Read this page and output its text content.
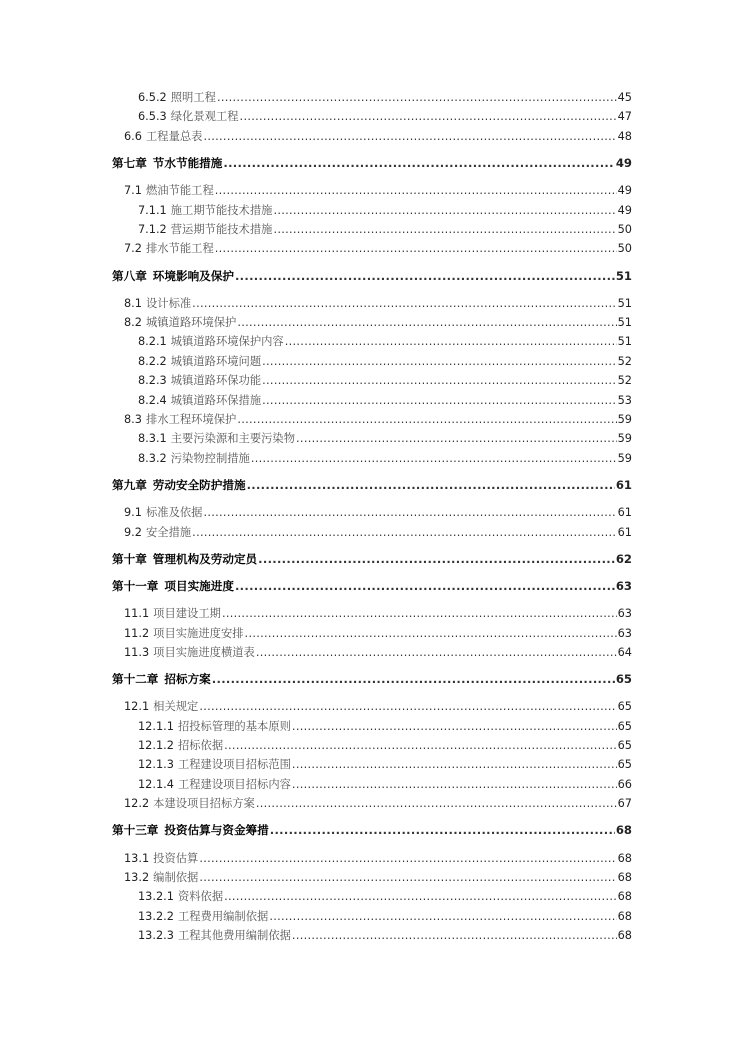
6.5.2 照明工程 .....	45
6.5.3 绿化景观工程 .....	47
6.6 工程量总表 .....	48
第七章 节水节能措施 .....	49
7.1 燃油节能工程 .....	49
7.1.1 施工期节能技术措施 .....	49
7.1.2 营运期节能技术措施 .....	50
7.2 排水节能工程 .....	50
第八章 环境影响及保护 .....	51
8.1 设计标准 .....	51
8.2 城镇道路环境保护 .....	51
8.2.1 城镇道路环境保护内容 .....	51
8.2.2 城镇道路环境问题 .....	52
8.2.3 城镇道路环保功能 .....	52
8.2.4 城镇道路环保措施 .....	53
8.3 排水工程环境保护 .....	59
8.3.1 主要污染源和主要污染物 .....	59
8.3.2 污染物控制措施 .....	59
第九章 劳动安全防护措施 .....	61
9.1 标准及依据 .....	61
9.2 安全措施 .....	61
第十章 管理机构及劳动定员 .....	62
第十一章 项目实施进度 .....	63
11.1 项目建设工期 .....	63
11.2 项目实施进度安排 .....	63
11.3 项目实施进度横道表 .....	64
第十二章 招标方案 .....	65
12.1 相关规定 .....	65
12.1.1 招投标管理的基本原则 .....	65
12.1.2 招标依据 .....	65
12.1.3 工程建设项目招标范围 .....	65
12.1.4 工程建设项目招标内容 .....	66
12.2 本建设项目招标方案 .....	67
第十三章 投资估算与资金筹措 .....	68
13.1 投资估算 .....	68
13.2 编制依据 .....	68
13.2.1 资料依据 .....	68
13.2.2 工程费用编制依据 .....	68
13.2.3 工程其他费用编制依据 .....	68
